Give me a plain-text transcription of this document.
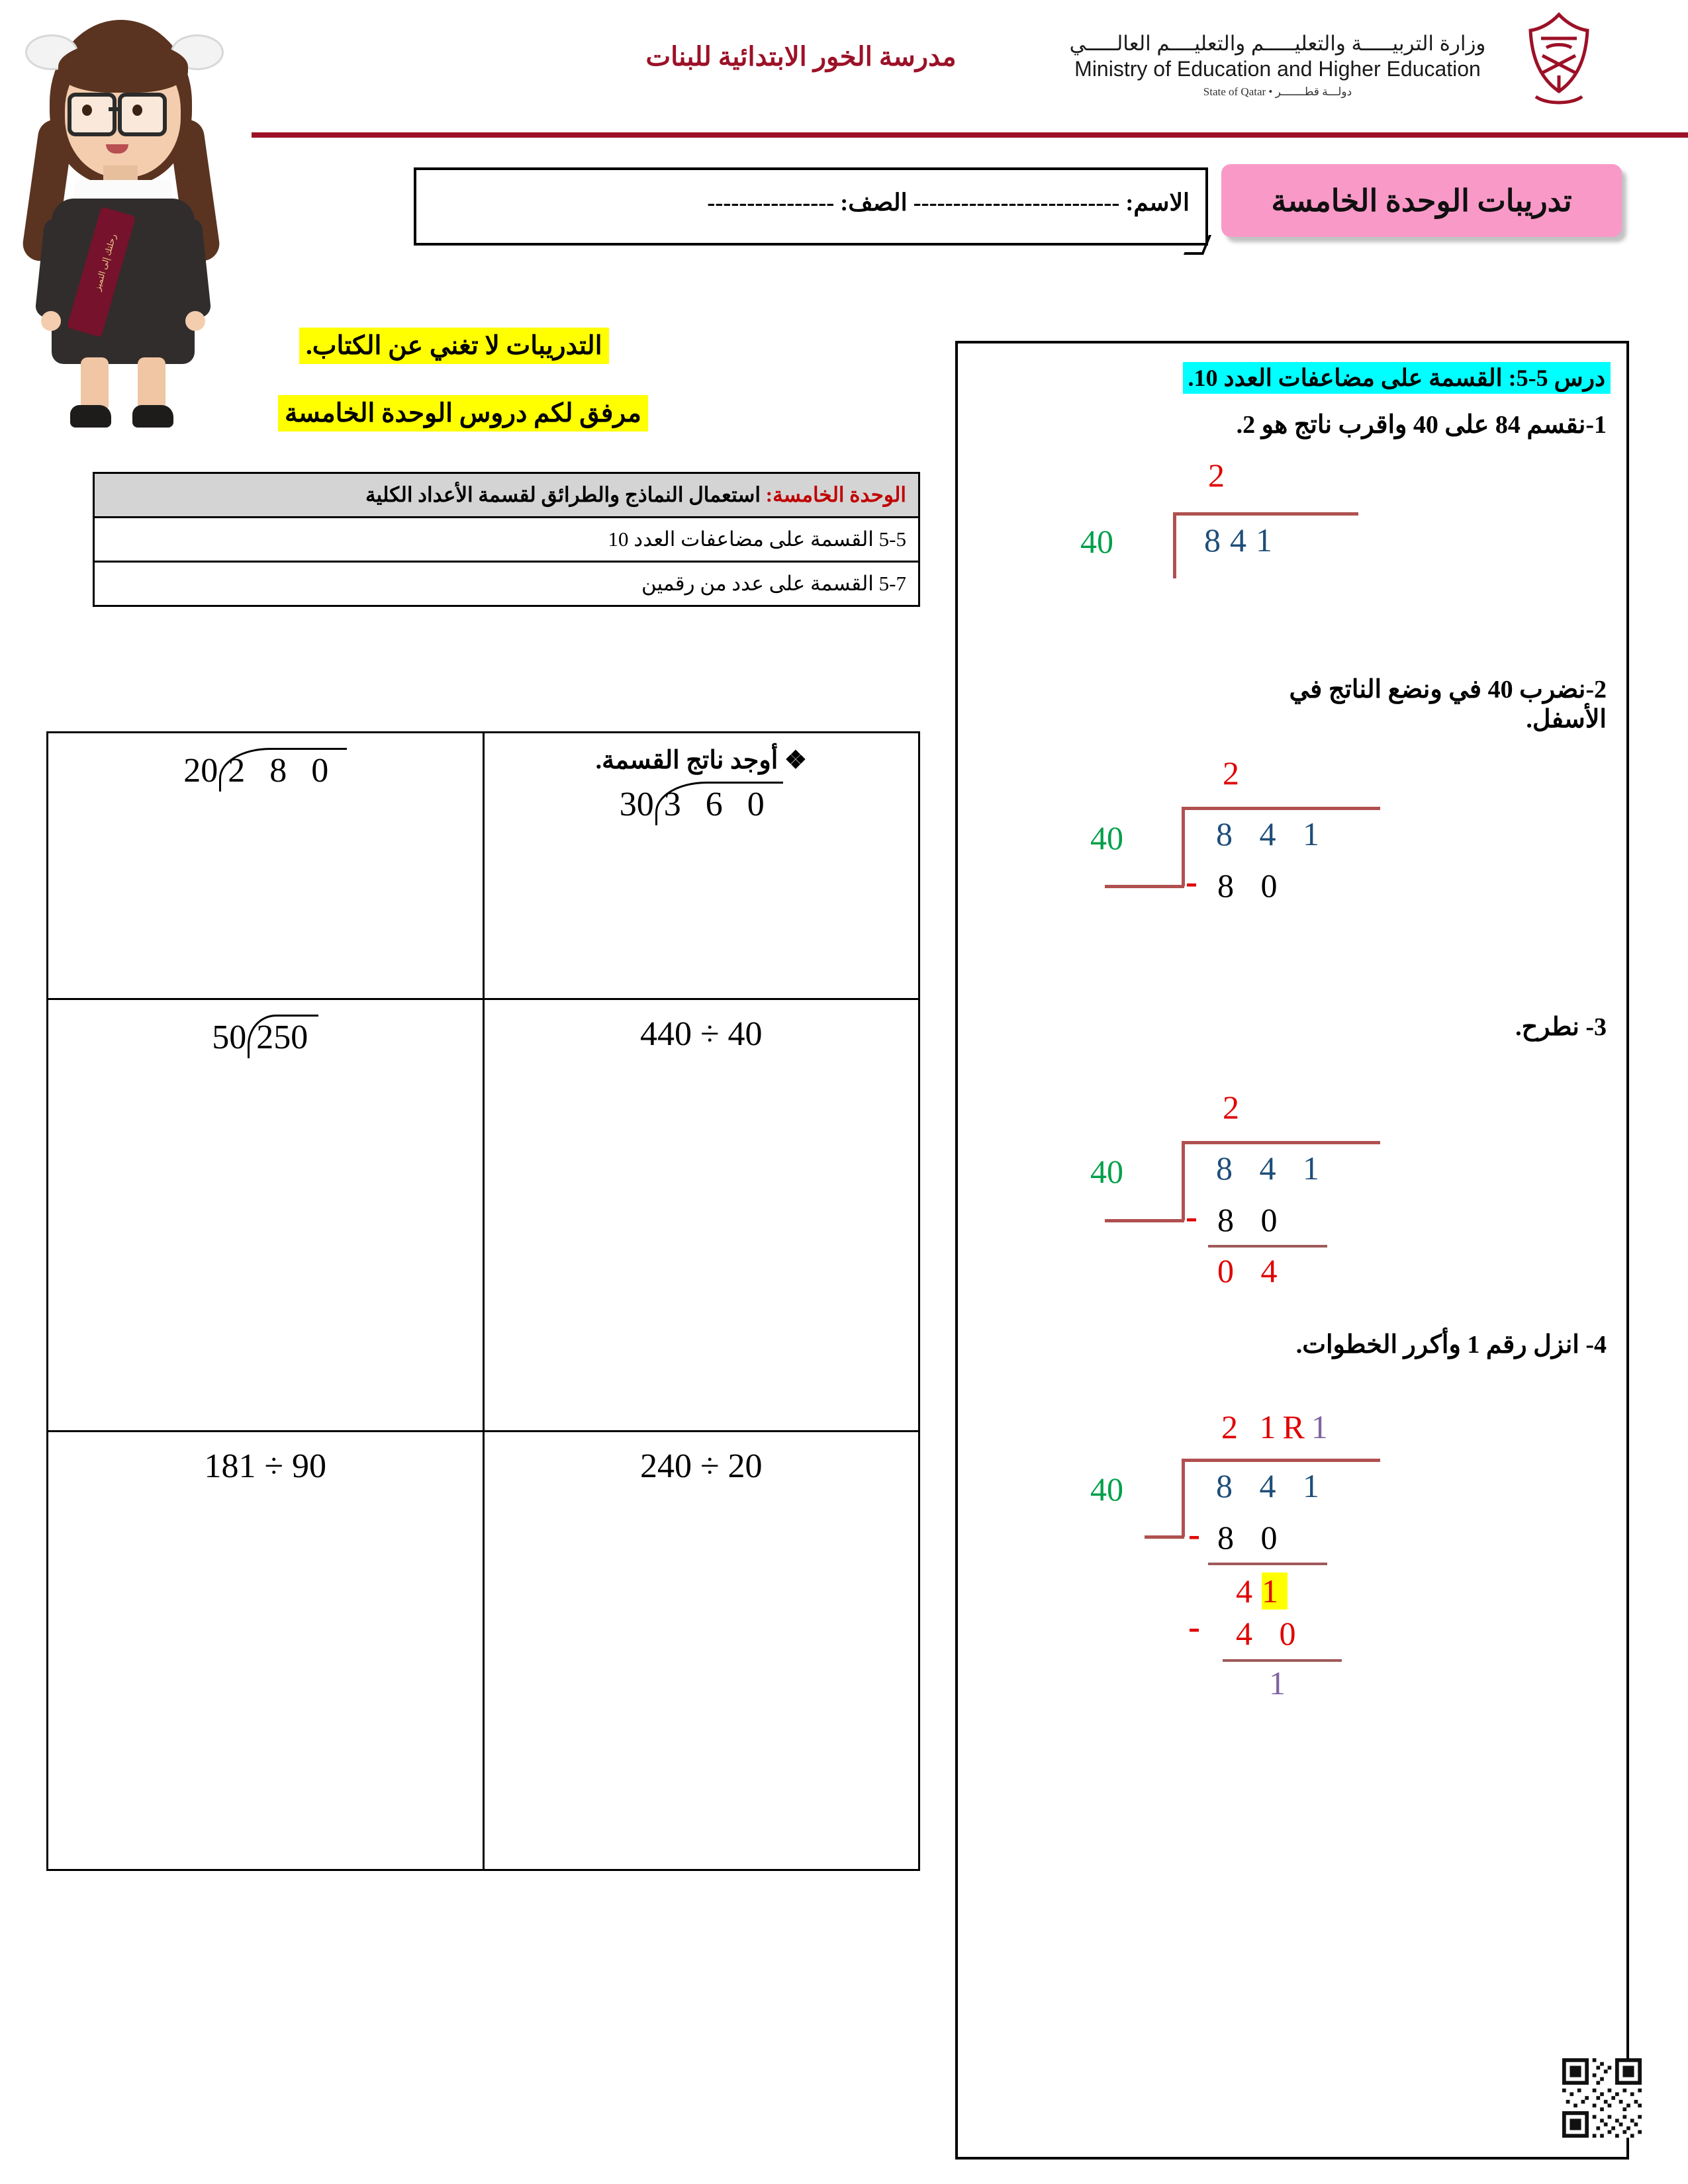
مدرسة الخور الابتدائية للبنات	وزارة التربيـــــة والتعليـــــم والتعليــــم العالـــــي
Ministry of Education and Higher Education
دولـــة قطـــــــر • State of Qatar
رحلتك إلى التميز
الاسم: -------------------------- الصف: ----------------	تدريبات الوحدة الخامسة
التدريبات لا تغني عن الكتاب.
مرفق لكم دروس الوحدة الخامسة
الوحدة الخامسة: استعمال النماذج والطرائق لقسمة الأعداد الكلية
5-5 القسمة على مضاعفات العدد 10
5-7 القسمة على عدد من رقمين
20 2 8 0	❖ أوجد ناتج القسمة.
30 3 6 0

50 250	440 ÷ 40

181 ÷ 90	240 ÷ 20
درس 5-5: القسمة على مضاعفات العدد 10.
1-نقسم 84 على 40 واقرب ناتج هو 2.
2
40	841
2-نضرب 40 في ونضع الناتج في الأسفل.
2
40	8 4 1
- 8 0
3- نطرح.
2
40	8 4 1
- 8 0
0 4
4- انزل رقم 1 وأكرر الخطوات.
2 1R1
40	8 4 1
- 8 0
41
- 4 0
1
